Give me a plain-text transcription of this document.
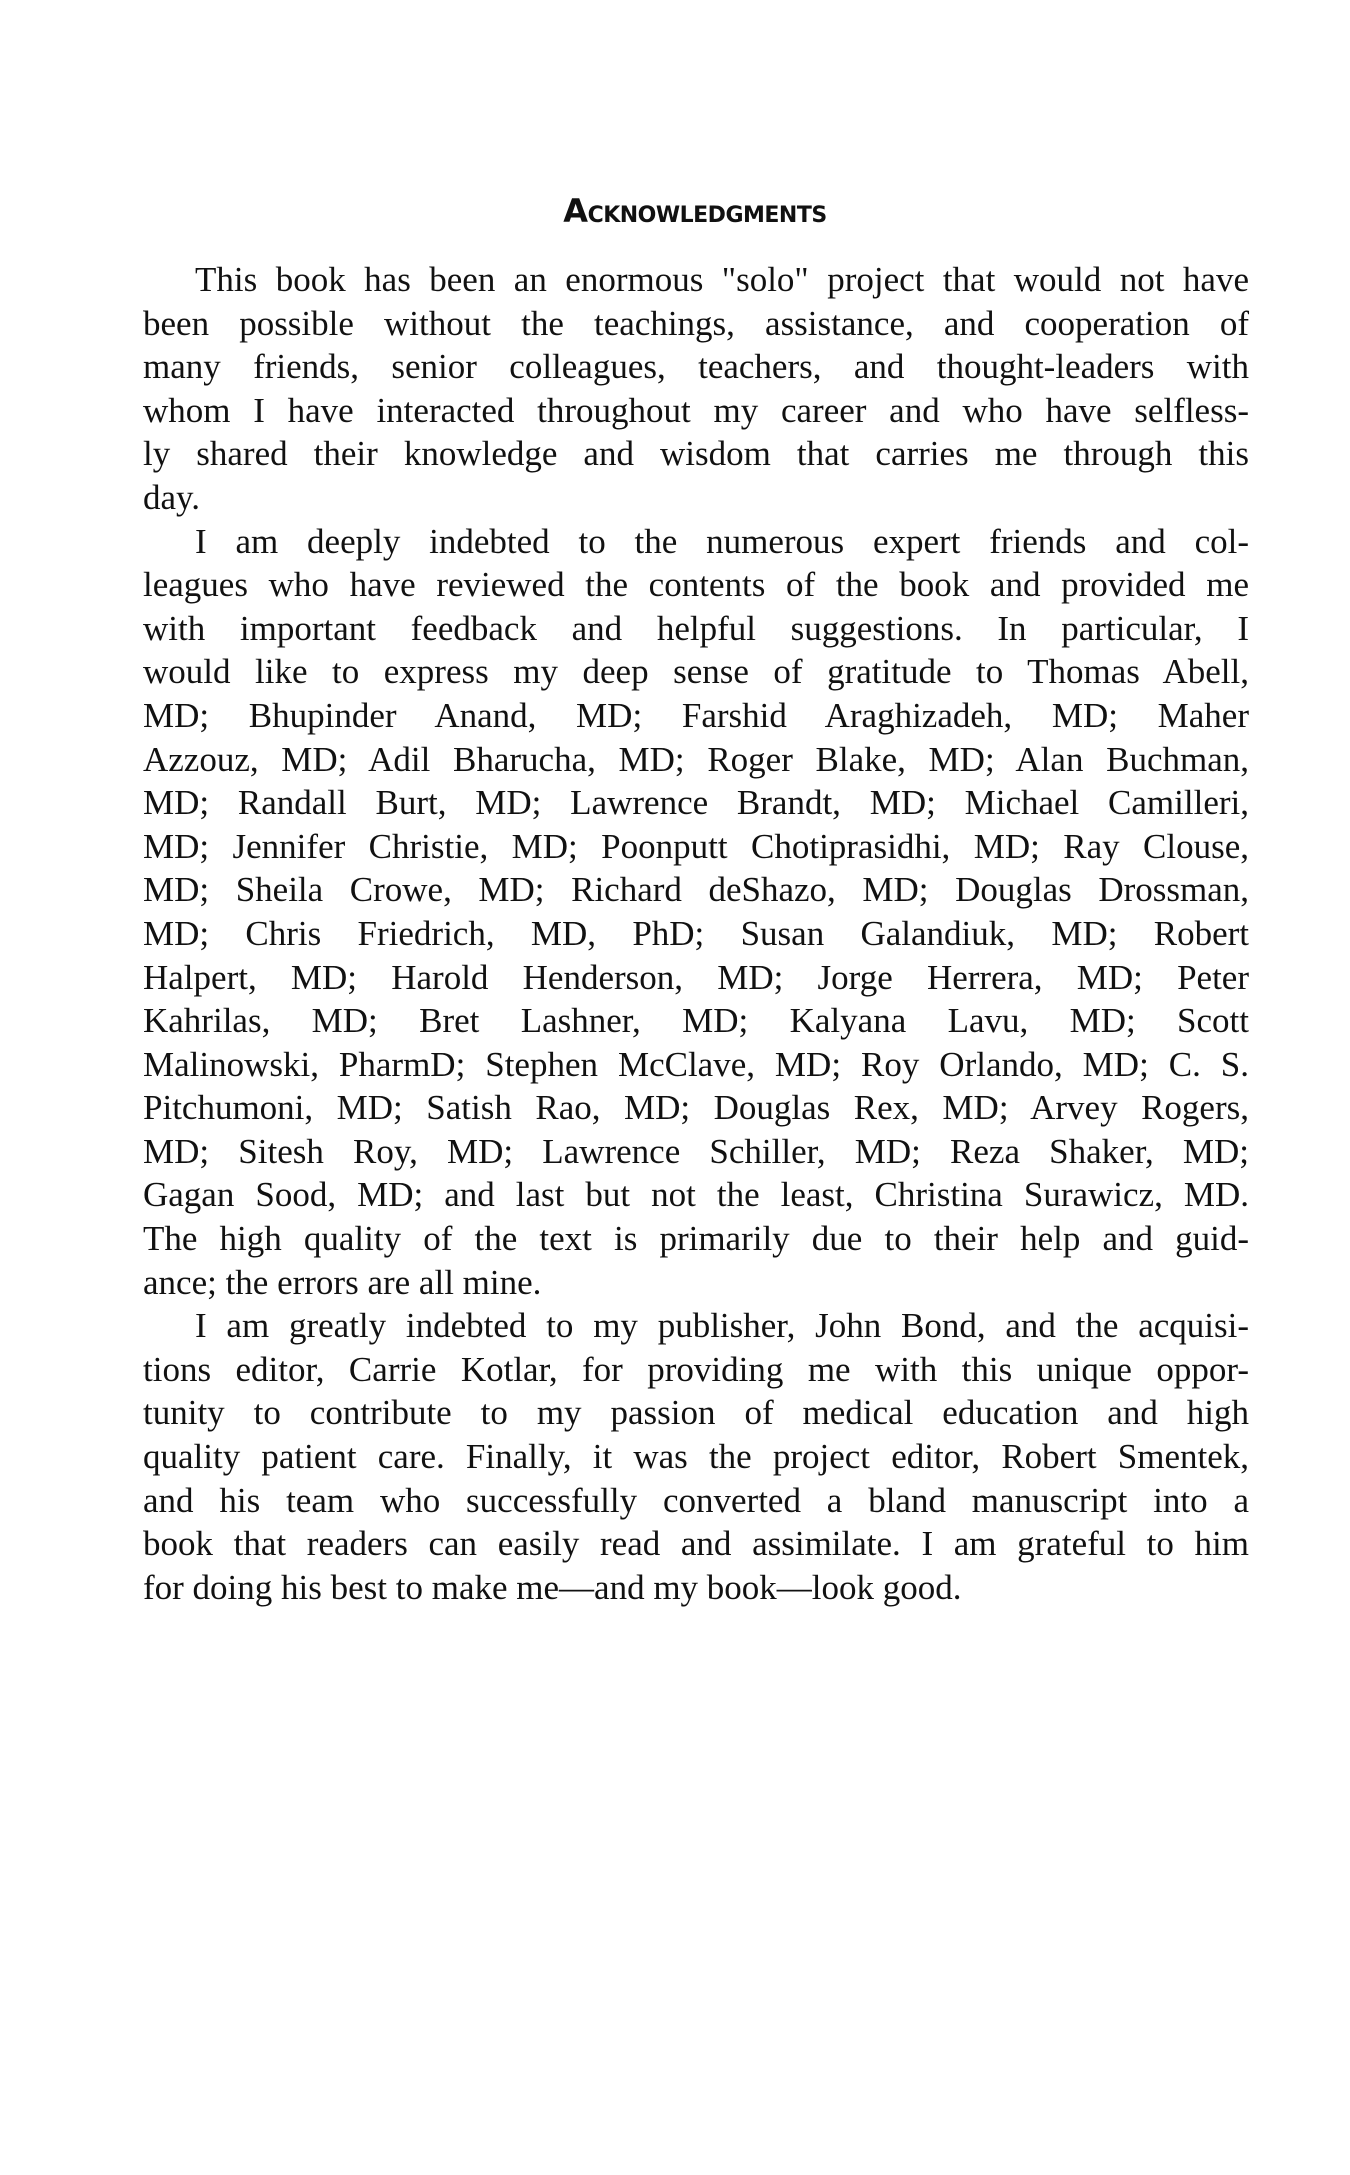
Acknowledgments
This book has been an enormous "solo" project that would not have
been possible without the teachings, assistance, and cooperation of
many friends, senior colleagues, teachers, and thought-leaders with
whom I have interacted throughout my career and who have selfless-
ly shared their knowledge and wisdom that carries me through this
day.
I am deeply indebted to the numerous expert friends and col-
leagues who have reviewed the contents of the book and provided me
with important feedback and helpful suggestions. In particular, I
would like to express my deep sense of gratitude to Thomas Abell,
MD; Bhupinder Anand, MD; Farshid Araghizadeh, MD; Maher
Azzouz, MD; Adil Bharucha, MD; Roger Blake, MD; Alan Buchman,
MD; Randall Burt, MD; Lawrence Brandt, MD; Michael Camilleri,
MD; Jennifer Christie, MD; Poonputt Chotiprasidhi, MD; Ray Clouse,
MD; Sheila Crowe, MD; Richard deShazo, MD; Douglas Drossman,
MD; Chris Friedrich, MD, PhD; Susan Galandiuk, MD; Robert
Halpert, MD; Harold Henderson, MD; Jorge Herrera, MD; Peter
Kahrilas, MD; Bret Lashner, MD; Kalyana Lavu, MD; Scott
Malinowski, PharmD; Stephen McClave, MD; Roy Orlando, MD; C. S.
Pitchumoni, MD; Satish Rao, MD; Douglas Rex, MD; Arvey Rogers,
MD; Sitesh Roy, MD; Lawrence Schiller, MD; Reza Shaker, MD;
Gagan Sood, MD; and last but not the least, Christina Surawicz, MD.
The high quality of the text is primarily due to their help and guid-
ance; the errors are all mine.
I am greatly indebted to my publisher, John Bond, and the acquisi-
tions editor, Carrie Kotlar, for providing me with this unique oppor-
tunity to contribute to my passion of medical education and high
quality patient care. Finally, it was the project editor, Robert Smentek,
and his team who successfully converted a bland manuscript into a
book that readers can easily read and assimilate. I am grateful to him
for doing his best to make me—and my book—look good.
